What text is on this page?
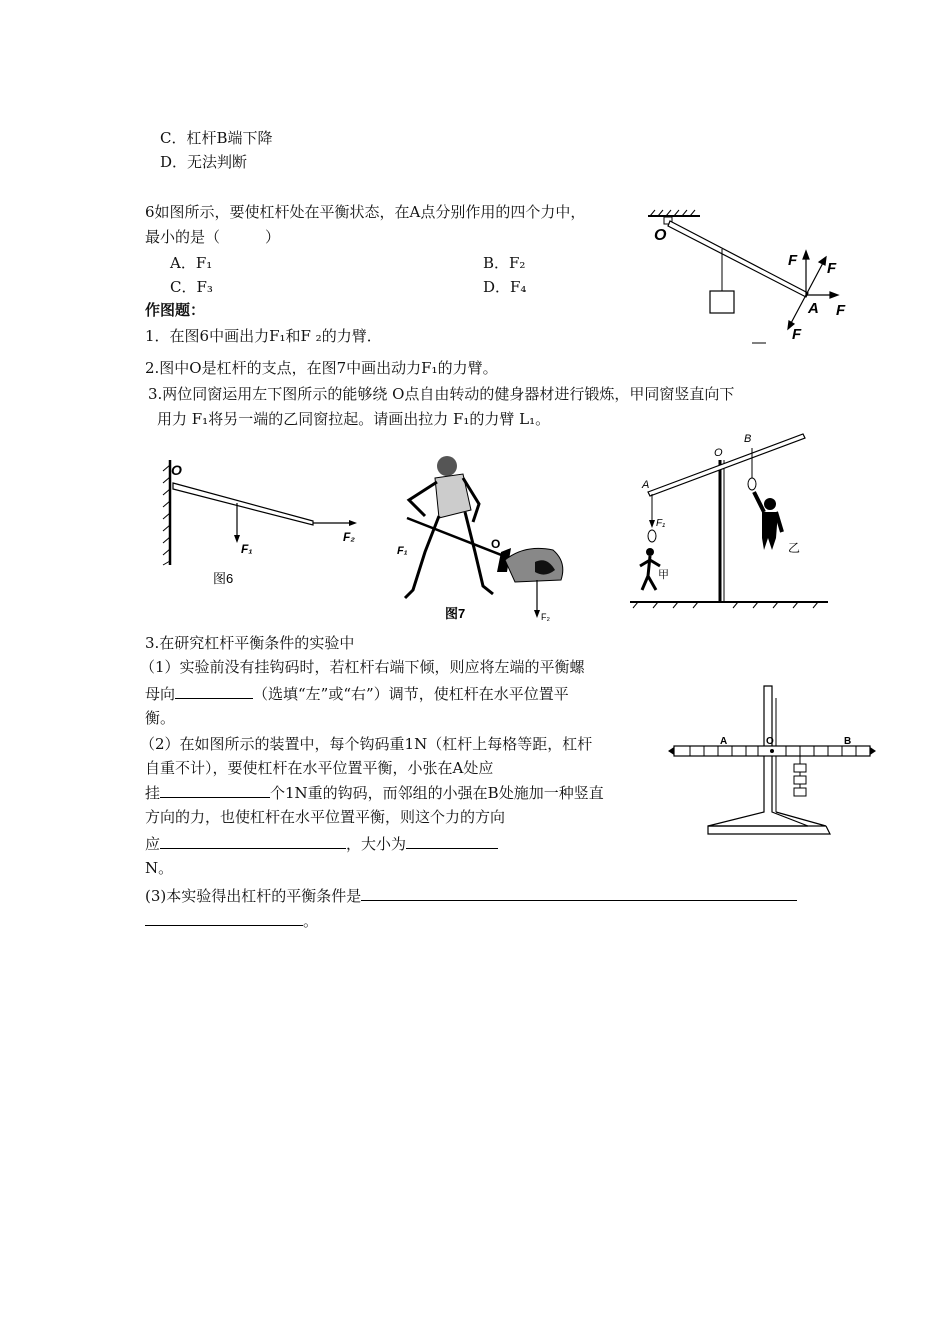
C．杠杆B端下降
D．无法判断
6如图所示，要使杠杆处在平衡状态，在A点分别作用的四个力中，
最小的是（　　　）
A．F₁	B．F₂
C．F₃	D．F₄
O
F F
A F
F
作图题：
1．在图6中画出力F₁和F ₂的力臂．
2.图中O是杠杆的支点，在图7中画出动力F₁的力臂。
3.两位同窗运用左下图所示的能够绕 O点自由转动的健身器材进行锻炼，甲同窗竖直向下
用力 F₁将另一端的乙同窗拉起。请画出拉力 F₁的力臂 L₁。
O
F₁
F₂
图6
F₁	O
F₂
图7
O
A
B
F₁
甲
乙
3.在研究杠杆平衡条件的实验中
（1）实验前没有挂钩码时，若杠杆右端下倾，则应将左端的平衡螺
母向	（选填“左”或“右”）调节，使杠杆在水平位置平
衡。
（2）在如图所示的装置中，每个钩码重1N（杠杆上每格等距，杠杆
自重不计），要使杠杆在水平位置平衡，小张在A处应
挂	个1N重的钩码，而邻组的小强在B处施加一种竖直
方向的力，也使杠杆在水平位置平衡，则这个力的方向
应	，大小为
N。
(3)本实验得出杠杆的平衡条件是
。
A	O	B
